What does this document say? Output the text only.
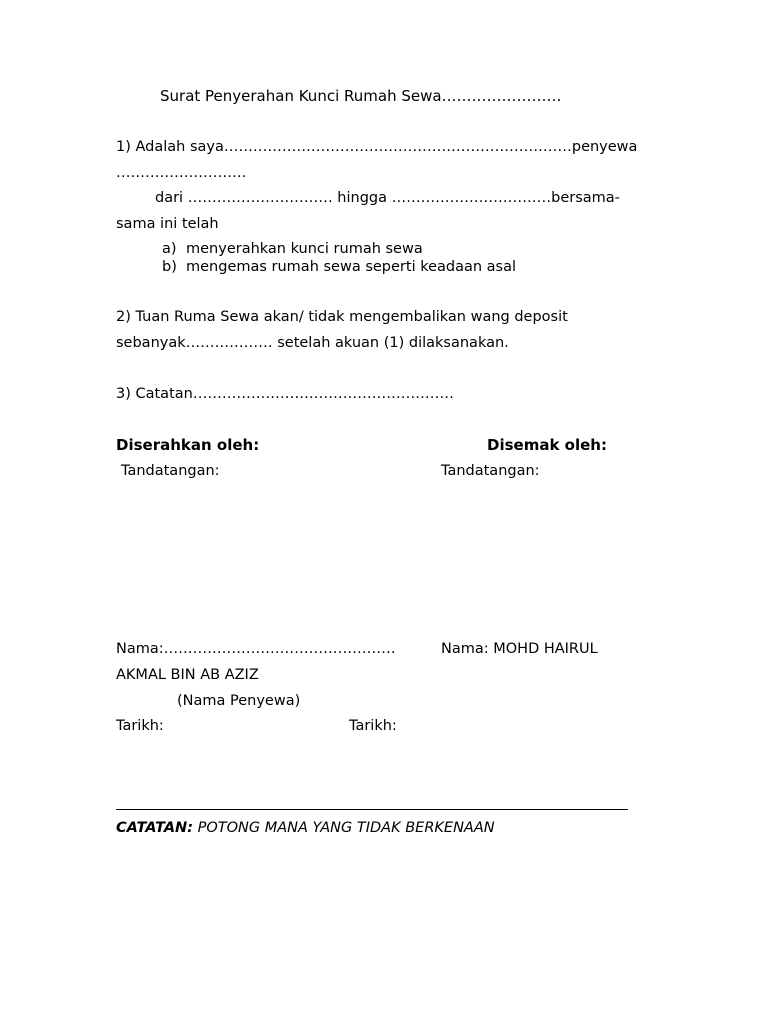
Surat Penyerahan Kunci Rumah Sewa……………………
1) Adalah saya………………………………………………………………penyewa
………………………
dari ………………………… hingga ……………………………bersama-
sama ini telah
a) menyerahkan kunci rumah sewa
b) mengemas rumah sewa seperti keadaan asal
2) Tuan Ruma Sewa akan/ tidak mengembalikan wang deposit
sebanyak……………… setelah akuan (1) dilaksanakan.
3) Catatan………………………………………………
Diserahkan oleh:	Disemak oleh:
Tandatangan:	Tandatangan:
Nama:…………………………………………	Nama: MOHD HAIRUL
AKMAL BIN AB AZIZ
(Nama Penyewa)
Tarikh:	Tarikh:
CATATAN: POTONG MANA YANG TIDAK BERKENAAN
